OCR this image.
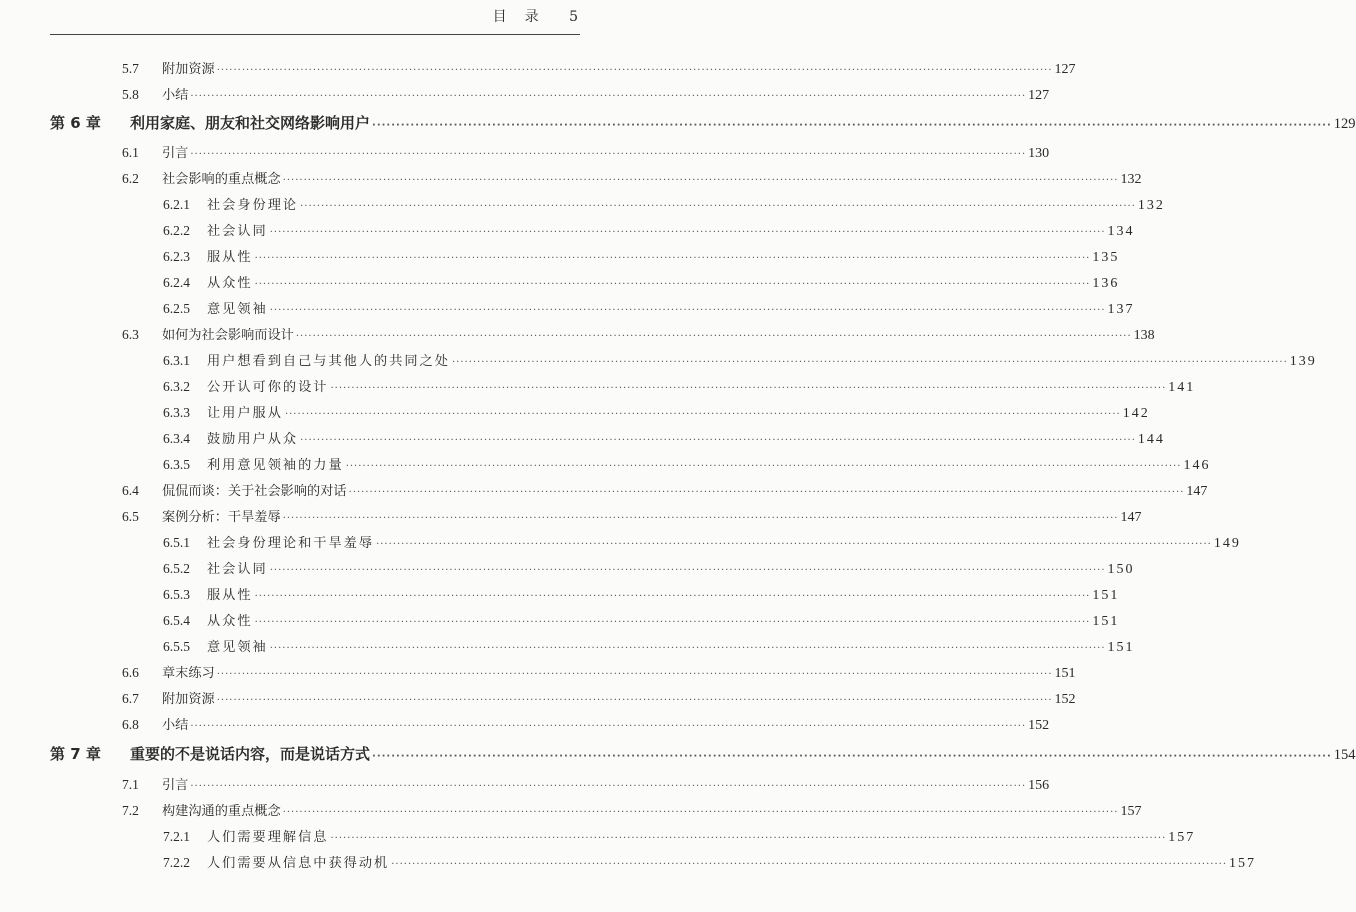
目　录 5
5.7	附加资源 ········································································································································································································ 127
5.8	小结 ········································································································································································································ 127
第 6 章	利用家庭、朋友和社交网络影响用户 ········································································································································································································ 129
6.1	引言 ········································································································································································································ 130
6.2	社会影响的重点概念 ········································································································································································································ 132
6.2.1	社会身份理论 ········································································································································································································ 132
6.2.2	社会认同 ········································································································································································································ 134
6.2.3	服从性 ········································································································································································································ 135
6.2.4	从众性 ········································································································································································································ 136
6.2.5	意见领袖 ········································································································································································································ 137
6.3	如何为社会影响而设计 ········································································································································································································ 138
6.3.1	用户想看到自己与其他人的共同之处 ········································································································································································································ 139
6.3.2	公开认可你的设计 ········································································································································································································ 141
6.3.3	让用户服从 ········································································································································································································ 142
6.3.4	鼓励用户从众 ········································································································································································································ 144
6.3.5	利用意见领袖的力量 ········································································································································································································ 146
6.4	侃侃而谈：关于社会影响的对话 ········································································································································································································ 147
6.5	案例分析：干旱羞辱 ········································································································································································································ 147
6.5.1	社会身份理论和干旱羞辱 ········································································································································································································ 149
6.5.2	社会认同 ········································································································································································································ 150
6.5.3	服从性 ········································································································································································································ 151
6.5.4	从众性 ········································································································································································································ 151
6.5.5	意见领袖 ········································································································································································································ 151
6.6	章末练习 ········································································································································································································ 151
6.7	附加资源 ········································································································································································································ 152
6.8	小结 ········································································································································································································ 152
第 7 章	重要的不是说话内容，而是说话方式 ········································································································································································································ 154
7.1	引言 ········································································································································································································ 156
7.2	构建沟通的重点概念 ········································································································································································································ 157
7.2.1	人们需要理解信息 ········································································································································································································ 157
7.2.2	人们需要从信息中获得动机 ········································································································································································································ 157
